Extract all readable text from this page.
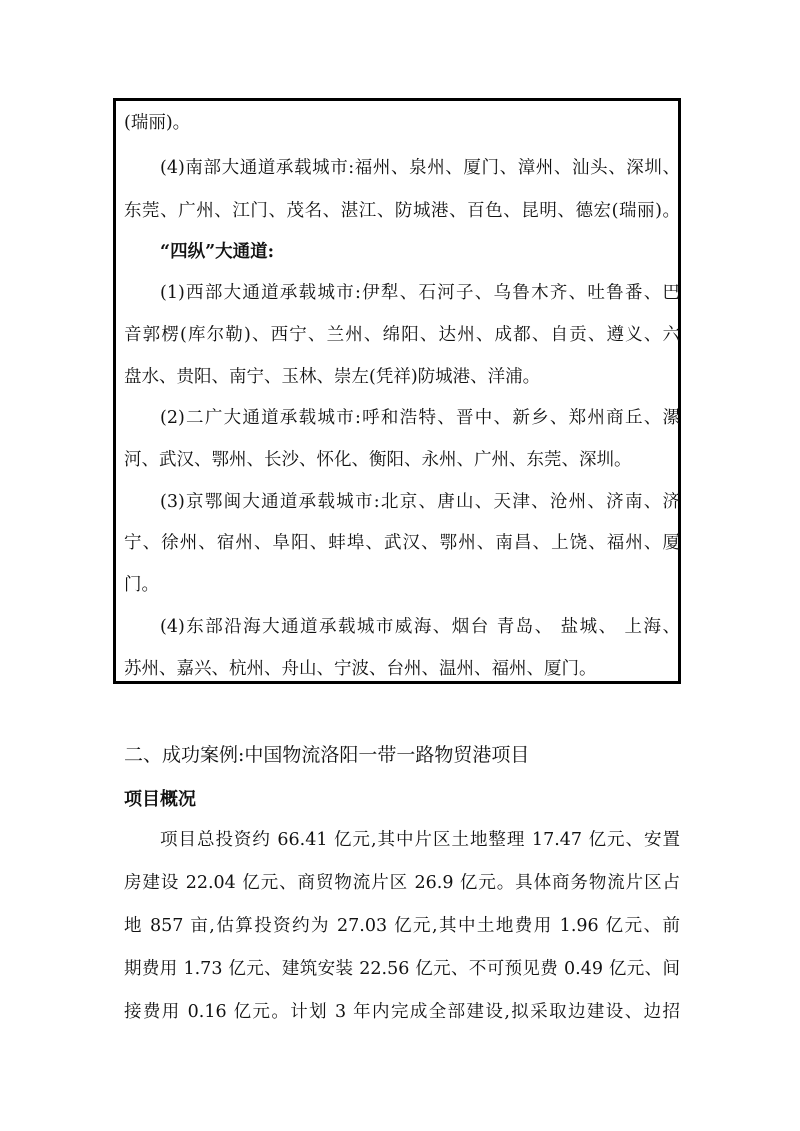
(瑞丽)。
(4)南部大通道承载城市:福州、泉州、厦门、漳州、汕头、深圳、
东莞、广州、江门、茂名、湛江、防城港、百色、昆明、德宏(瑞丽)。
“四纵”大通道:
(1)西部大通道承载城市:伊犁、石河子、乌鲁木齐、吐鲁番、巴
音郭楞(库尔勒)、西宁、兰州、绵阳、达州、成都、自贡、遵义、六
盘水、贵阳、南宁、玉林、崇左(凭祥)防城港、洋浦。
(2)二广大通道承载城市:呼和浩特、晋中、新乡、郑州商丘、漯
河、武汉、鄂州、长沙、怀化、衡阳、永州、广州、东莞、深圳。
(3)京鄂闽大通道承载城市:北京、唐山、天津、沧州、济南、济
宁、徐州、宿州、阜阳、蚌埠、武汉、鄂州、南昌、上饶、福州、厦
门。
(4)东部沿海大通道承载城市威海、烟台 青岛、 盐城、 上海、
苏州、嘉兴、杭州、舟山、宁波、台州、温州、福州、厦门。
二、成功案例:中国物流洛阳一带一路物贸港项目
项目概况
项目总投资约 66.41 亿元,其中片区土地整理 17.47 亿元、安置
房建设 22.04 亿元、商贸物流片区 26.9 亿元。具体商务物流片区占
地 857 亩,估算投资约为 27.03 亿元,其中土地费用 1.96 亿元、前
期费用 1.73 亿元、建筑安装 22.56 亿元、不可预见费 0.49 亿元、间
接费用 0.16 亿元。计划 3 年内完成全部建设,拟采取边建设、边招
